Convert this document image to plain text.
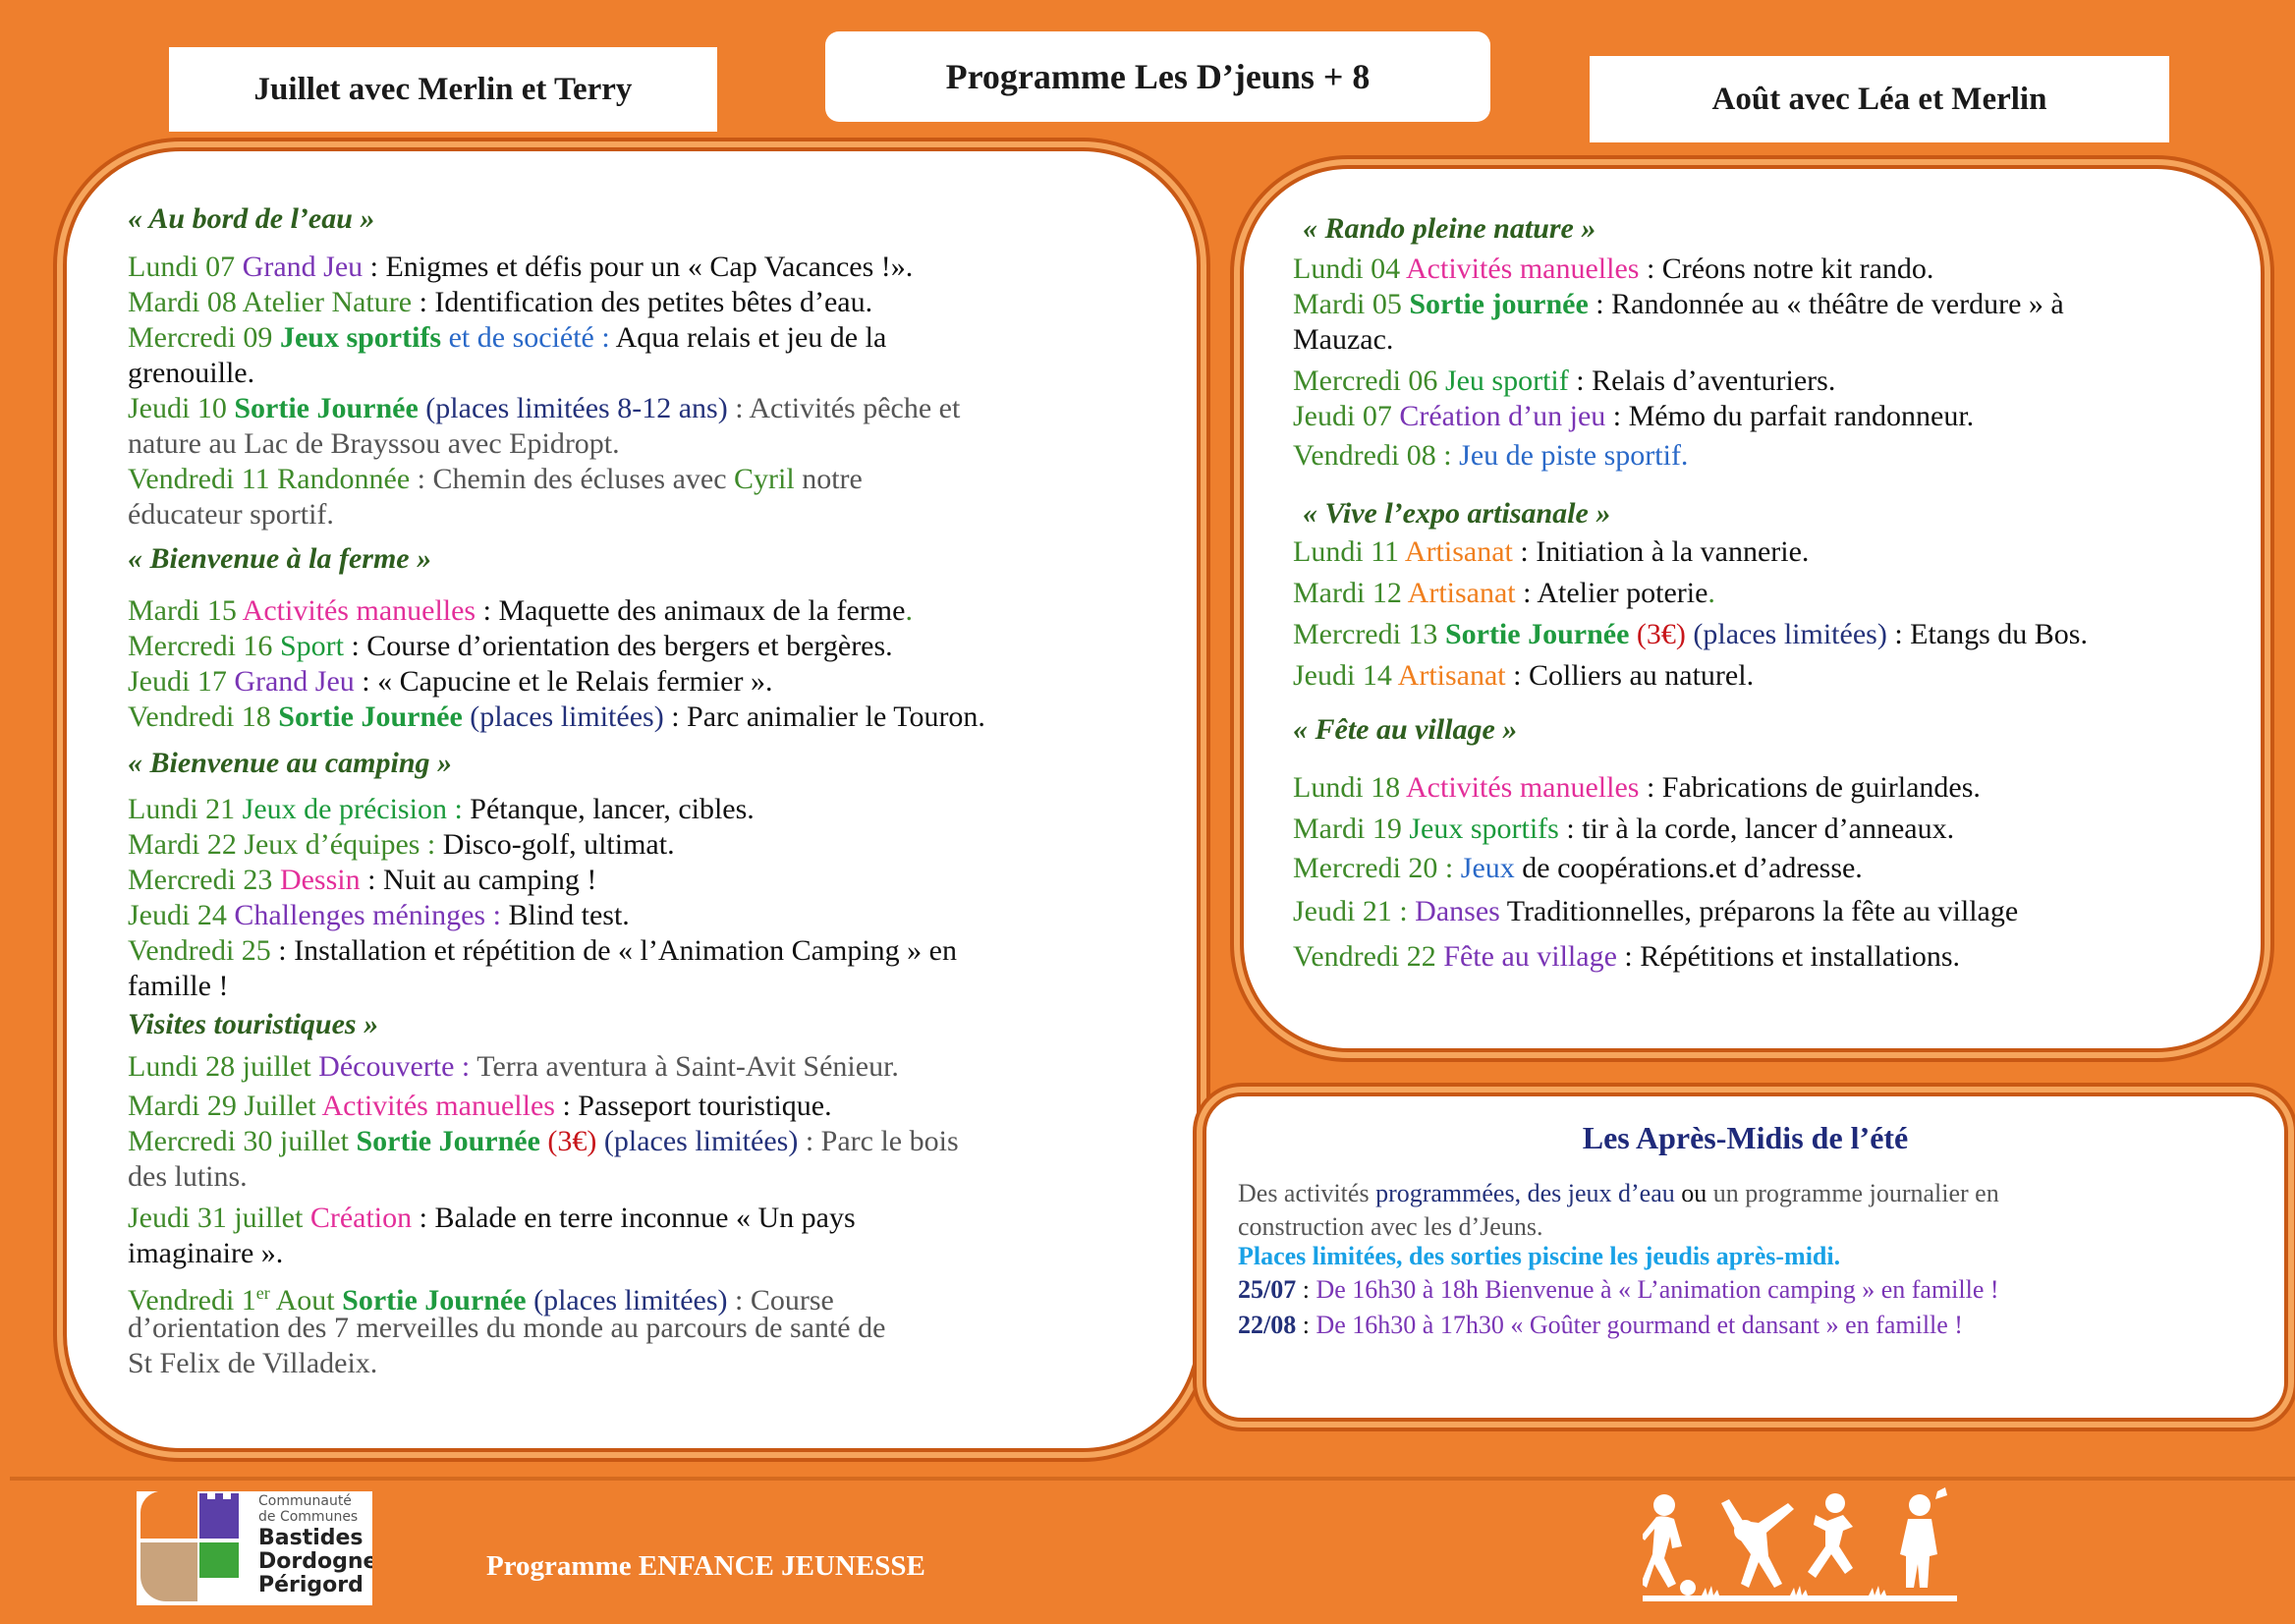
Juillet avec Merlin et Terry	Programme Les D’jeuns + 8
Août avec Léa et Merlin
« Au bord de l’eau »
Lundi 07 Grand Jeu : Enigmes et défis pour un « Cap Vacances !».
Mardi 08 Atelier Nature : Identification des petites bêtes d’eau.
Mercredi 09 Jeux sportifs et de société : Aqua relais et jeu de la
grenouille.
Jeudi 10 Sortie Journée (places limitées 8-12 ans) : Activités pêche et
nature au Lac de Brayssou avec Epidropt.
Vendredi 11 Randonnée : Chemin des écluses avec Cyril notre
éducateur sportif.
« Bienvenue à la ferme »
Mardi 15 Activités manuelles : Maquette des animaux de la ferme.
Mercredi 16 Sport : Course d’orientation des bergers et bergères.
Jeudi 17 Grand Jeu : « Capucine et le Relais fermier ».
Vendredi 18 Sortie Journée (places limitées) : Parc animalier le Touron.
« Bienvenue au camping »
Lundi 21 Jeux de précision : Pétanque, lancer, cibles.
Mardi 22 Jeux d’équipes : Disco-golf, ultimat.
Mercredi 23 Dessin : Nuit au camping !
Jeudi 24 Challenges méninges : Blind test.
Vendredi 25 : Installation et répétition de « l’Animation Camping » en
famille !
Visites touristiques »
Lundi 28 juillet Découverte : Terra aventura à Saint-Avit Sénieur.
Mardi 29 Juillet Activités manuelles : Passeport touristique.
Mercredi 30 juillet Sortie Journée (3€) (places limitées) : Parc le bois
des lutins.
Jeudi 31 juillet Création : Balade en terre inconnue « Un pays
imaginaire ».
Vendredi 1er Aout Sortie Journée (places limitées) : Course
d’orientation des 7 merveilles du monde au parcours de santé de
St Felix de Villadeix.
« Rando pleine nature »
Lundi 04 Activités manuelles : Créons notre kit rando.
Mardi 05 Sortie journée : Randonnée au « théâtre de verdure » à
Mauzac.
Mercredi 06 Jeu sportif : Relais d’aventuriers.
Jeudi 07 Création d’un jeu : Mémo du parfait randonneur.
Vendredi 08 : Jeu de piste sportif.
« Vive l’expo artisanale »
Lundi 11 Artisanat : Initiation à la vannerie.
Mardi 12 Artisanat : Atelier poterie.
Mercredi 13 Sortie Journée (3€) (places limitées) : Etangs du Bos.
Jeudi 14 Artisanat : Colliers au naturel.
« Fête au village »
Lundi 18 Activités manuelles : Fabrications de guirlandes.
Mardi 19 Jeux sportifs : tir à la corde, lancer d’anneaux.
Mercredi 20 : Jeux de coopérations.et d’adresse.
Jeudi 21 : Danses Traditionnelles, préparons la fête au village
Vendredi 22 Fête au village : Répétitions et installations.
Les Après-Midis de l’été
Des activités programmées, des jeux d’eau ou un programme journalier en
construction avec les d’Jeuns.
Places limitées, des sorties piscine les jeudis après-midi.
25/07 : De 16h30 à 18h Bienvenue à « L’animation camping » en famille !
22/08 : De 16h30 à 17h30 « Goûter gourmand et dansant » en famille !
Communauté
de Communes
Bastides
Dordogne
Périgord
Programme ENFANCE JEUNESSE
